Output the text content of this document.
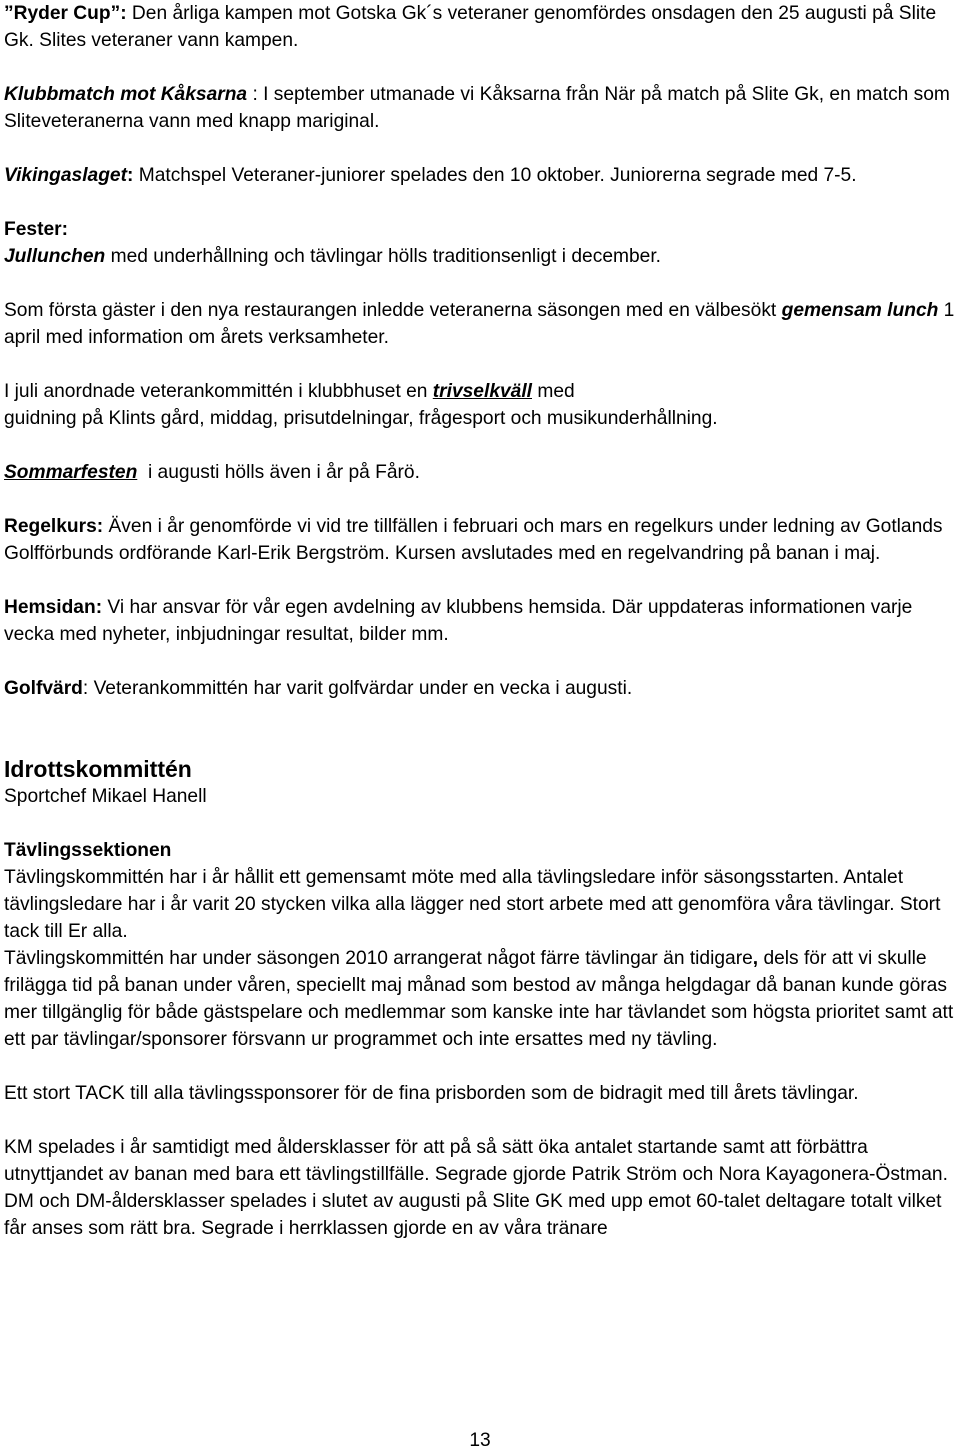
”Ryder Cup”: Den årliga kampen mot Gotska Gk´s veteraner genomfördes onsdagen den 25 augusti på Slite Gk. Slites veteraner vann kampen.

Klubbmatch mot Kåksarna : I september utmanade vi Kåksarna från När på match på Slite Gk, en match som Sliteveteranerna vann med knapp mariginal.

Vikingaslaget: Matchspel Veteraner-juniorer spelades den 10 oktober. Juniorerna segrade med 7-5.

Fester:

Jullunchen med underhållning och tävlingar hölls traditionsenligt i december.

Som första gäster i den nya restaurangen inledde veteranerna säsongen med en välbesökt gemensam lunch 1 april med information om årets verksamheter.

I juli anordnade veterankommittén i klubbhuset en trivselkväll med

guidning på Klints gård, middag, prisutdelningar, frågesport och musikunderhållning.

Sommarfesten  i augusti hölls även i år på Fårö.

Regelkurs: Även i år genomförde vi vid tre tillfällen i februari och mars en regelkurs under ledning av Gotlands Golfförbunds ordförande Karl-Erik Bergström. Kursen avslutades med en regelvandring på banan i maj.

Hemsidan: Vi har ansvar för vår egen avdelning av klubbens hemsida. Där uppdateras informationen varje vecka med nyheter, inbjudningar resultat, bilder mm.

Golfvärd: Veterankommittén har varit golfvärdar under en vecka i augusti.

Idrottskommittén

Sportchef Mikael Hanell

Tävlingssektionen

Tävlingskommittén har i år hållit ett gemensamt möte med alla tävlingsledare inför säsongsstarten. Antalet tävlingsledare har i år varit 20 stycken vilka alla lägger ned stort arbete med att genomföra våra tävlingar. Stort tack till Er alla.

Tävlingskommittén har under säsongen 2010 arrangerat något färre tävlingar än tidigare, dels för att vi skulle frilägga tid på banan under våren, speciellt maj månad som bestod av många helgdagar då banan kunde göras mer tillgänglig för både gästspelare och medlemmar som kanske inte har tävlandet som högsta prioritet samt att ett par tävlingar/sponsorer försvann ur programmet och inte ersattes med ny tävling.

Ett stort TACK till alla tävlingssponsorer för de fina prisborden som de bidragit med till årets tävlingar.

KM spelades i år samtidigt med åldersklasser för att på så sätt öka antalet startande samt att förbättra utnyttjandet av banan med bara ett tävlingstillfälle. Segrade gjorde Patrik Ström och Nora Kayagonera-Östman.

DM och DM-åldersklasser spelades i slutet av augusti på Slite GK med upp emot 60-talet deltagare totalt vilket får anses som rätt bra. Segrade i herrklassen gjorde en av våra tränare

13
